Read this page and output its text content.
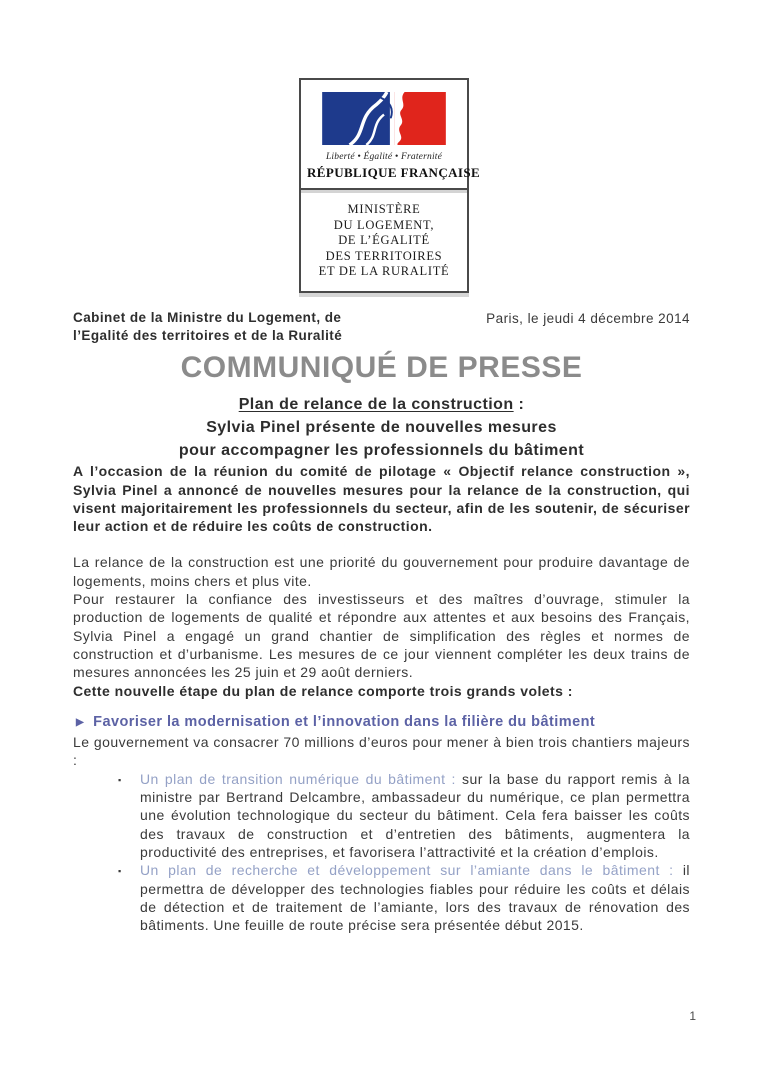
Liberté • Égalité • Fraternité
RÉPUBLIQUE FRANÇAISE
MINISTÈRE
DU LOGEMENT,
DE L’ÉGALITÉ
DES TERRITOIRES
ET DE LA RURALITÉ
Cabinet de la Ministre du Logement, de
l’Egalité des territoires et de la Ruralité
Paris, le jeudi 4 décembre 2014
COMMUNIQUÉ DE PRESSE
Plan de relance de la construction :
Sylvia Pinel présente de nouvelles mesures
pour accompagner les professionnels du bâtiment

A l’occasion de la réunion du comité de pilotage « Objectif relance construction », Sylvia Pinel a annoncé de nouvelles mesures pour la relance de la construction, qui visent majoritairement les professionnels du secteur, afin de les soutenir, de sécuriser leur action et de réduire les coûts de construction.

La relance de la construction est une priorité du gouvernement pour produire davantage de logements, moins chers et plus vite.

Pour restaurer la confiance des investisseurs et des maîtres d’ouvrage, stimuler la production de logements de qualité et répondre aux attentes et aux besoins des Français, Sylvia Pinel a engagé un grand chantier de simplification des règles et normes de construction et d’urbanisme. Les mesures de ce jour viennent compléter les deux trains de mesures annoncées les 25 juin et 29 août derniers.

Cette nouvelle étape du plan de relance comporte trois grands volets :

▶ Favoriser la modernisation et l’innovation dans la filière du bâtiment

Le gouvernement va consacrer 70 millions d’euros pour mener à bien trois chantiers majeurs :

▪ Un plan de transition numérique du bâtiment : sur la base du rapport remis à la ministre par Bertrand Delcambre, ambassadeur du numérique, ce plan permettra une évolution technologique du secteur du bâtiment. Cela fera baisser les coûts des travaux de construction et d’entretien des bâtiments, augmentera la productivité des entreprises, et favorisera l’attractivité et la création d’emplois.
▪ Un plan de recherche et développement sur l’amiante dans le bâtiment : il permettra de développer des technologies fiables pour réduire les coûts et délais de détection et de traitement de l’amiante, lors des travaux de rénovation des bâtiments. Une feuille de route précise sera présentée début 2015.
1
